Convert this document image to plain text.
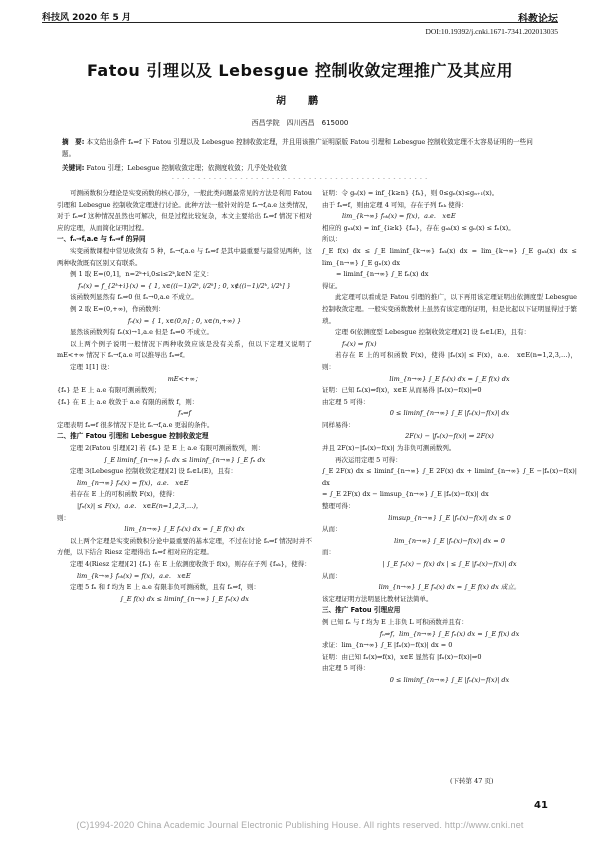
科技风 2020 年 5 月	科教论坛
DOI:10.19392/j.cnki.1671-7341.202013035
Fatou 引理以及 Lebesgue 控制收敛定理推广及其应用
胡　鹏
西昌学院　四川西昌　615000
摘　要: 本文给出条件 fₙ⇒f 下 Fatou 引理以及 Lebesgue 控制收敛定理，并且用该推广证明原版 Fatou 引理和 Lebesgue 控制收敛定理不太容易证明的一些问题。
关键词: Fatou 引理；Lebesgue 控制收敛定理；依测度收敛；几乎处处收敛
- - - - - - - - - - - - - - - - - - - - - - - - - - - - - - - - - - - - - - - - - - - - - - - - -

可测函数积分理论是实变函数的核心部分，一般此类问题最常见的方法是利用 Fatou 引理和 Lebesgue 控制收敛定理进行讨论。此种方法一般针对的是 fₙ→f,a.e 这类情况，对于 fₙ⇒f 这种情况虽然也可解决，但是过程比较复杂，本文主要给出 fₙ⇒f 情况下相对应的定理，从而简化证明过程。

一、fₙ→f,a.e 与 fₙ⇒f 的异同

实变函数课程中常见收敛有 5 种，fₙ→f,a.e 与 fₙ⇒f 是其中最重要与最常见两种，这两种收敛既有区别又有联系。

例 1 取 E=(0,1]，n=2ᵏ+i,0≤i≤2ᵏ,k∈N 定义：

fₙ(x) = f_{2ᵏ+i}(x) = { 1, x∈((i−1)/2ᵏ, i/2ᵏ] ; 0, x∉((i−1)/2ᵏ, i/2ᵏ] }

该函数列显然有 fₙ⇒0 但 fₙ→0,a.e 不成立。

例 2 取 E=(0,+∞)，作函数列：

fₙ(x) = { 1, x∈(0,n] ; 0, x∈(n,+∞) }

显然该函数列有 fₙ(x)→1,a.e 但是 fₙ⇒0 不成立。

以上两个例子说明一般情况下两种收敛应该是没有关系，但以下定理又说明了 mE<+∞ 情况下 fₙ→f,a.e 可以推导出 fₙ⇒f。

定理 1[1] 设：

mE<+∞；

{fₙ} 是 E 上 a.e 有限可测函数列；

{fₙ} 在 E 上 a.e 收敛于 a.e 有限的函数 f，则：

fₙ⇒f

定理表明 fₙ⇒f 很多情况下是比 fₙ→f,a.e 更弱的条件。

二、推广 Fatou 引理和 Lebesgue 控制收敛定理

定理 2(Fatou 引理)[2] 若 {fₙ} 是 E 上 a.e 有限可测函数列，则：

∫_E liminf_{n→∞} fₙ dx ≤ liminf_{n→∞} ∫_E fₙ dx

定理 3(Lebesgue 控制收敛定理)[2] 设 fₙ∈L(E)，且有：

lim_{n→∞} fₙ(x) = f(x)，a.e.　x∈E

若存在 E 上的可积函数 F(x)，使得：

|fₙ(x)| ≤ F(x)，a.e.　x∈E(n=1,2,3,…)，

则：

lim_{n→∞} ∫_E fₙ(x) dx = ∫_E f(x) dx

以上两个定理是实变函数积分论中最重要的基本定理，不过在讨论 fₙ⇒f 情况时并不方便，以下结合 Riesz 定理得出 fₙ⇒f 相对应的定理。

定理 4(Riesz 定理)[2] {fₙ} 在 E 上依测度收敛于 f(x)，则存在子列 {fₙₖ}，使得：

lim_{k→∞} fₙₖ(x) = f(x)，a.e.　x∈E

定理 5 fₙ 和 f 均为 E 上 a.e 有限非负可测函数，且有 fₙ⇒f，则：

∫_E f(x) dx ≤ liminf_{n→∞} ∫_E fₙ(x) dx

证明：令 gₙ(x) = inf_{k≥n} {fₖ}，则 0≤gₙ(x)≤gₙ₊₁(x)。

由于 fₙ⇒f，则由定理 4 可知，存在子列 fₙₖ 使得：

lim_{k→∞} fₙₖ(x) = f(x)，a.e.　x∈E

相应的 gₙₖ(x) = inf_{i≥k} {fₙᵢ}，存在 gₙₖ(x) ≤ gₙ(x) ≤ fₙ(x)。

所以：

∫_E f(x) dx ≤ ∫_E liminf_{k→∞} fₙₖ(x) dx = lim_{k→∞} ∫_E gₙₖ(x) dx ≤ lim_{n→∞} ∫_E gₙ(x) dx

= liminf_{n→∞} ∫_E fₙ(x) dx

得证。

此定理可以看成是 Fatou 引理的推广，以下再用该定理证明出依测度型 Lebesgue 控制收敛定理。一般实变函数教材上虽然有该定理的证明，但是比起以下证明显得过于繁琐。

定理 6(依测度型 Lebesgue 控制收敛定理)[2] 设 fₙ∈L(E)，且有：

fₙ(x) ⇒ f(x)

若存在 E 上的可积函数 F(x)，使得 |fₙ(x)| ≤ F(x)，a.e.　x∈E(n=1,2,3,…)，则：

lim_{n→∞} ∫_E fₙ(x) dx = ∫_E f(x) dx

证明：已知 fₙ(x)⇒f(x)，x∈E 从而易得 |fₙ(x)−f(x)|⇒0

由定理 5 可得：

0 ≤ liminf_{n→∞} ∫_E |fₙ(x)−f(x)| dx

同样易得：

2F(x) − |fₙ(x)−f(x)| ⇒ 2F(x)

并且 2F(x)−|fₙ(x)−f(x)| 为非负可测函数列。

再次运用定理 5 可得：

∫_E 2F(x) dx ≤ liminf_{n→∞} ∫_E 2F(x) dx + liminf_{n→∞} ∫_E −|fₙ(x)−f(x)| dx

= ∫_E 2F(x) dx − limsup_{n→∞} ∫_E |fₙ(x)−f(x)| dx

整理可得：

limsup_{n→∞} ∫_E |fₙ(x)−f(x)| dx ≤ 0

从而：

lim_{n→∞} ∫_E |fₙ(x)−f(x)| dx = 0

而：

| ∫_E fₙ(x) − f(x) dx | ≤ ∫_E |fₙ(x)−f(x)| dx

从而：

lim_{n→∞} ∫_E fₙ(x) dx = ∫_E f(x) dx 成立。

该定理证明方法明显比教材证法简单。

三、推广 Fatou 引理应用

例 已知 fₙ 与 f 均为 E 上非负 L 可积函数并且有：

fₙ⇒f，lim_{n→∞} ∫_E fₙ(x) dx = ∫_E f(x) dx

求证：lim_{n→∞} ∫_E |fₙ(x)−f(x)| dx = 0

证明：由已知 fₙ(x)⇒f(x)，x∈E 显然有 |fₙ(x)−f(x)|⇒0

由定理 5 可得：

0 ≤ liminf_{n→∞} ∫_E |fₙ(x)−f(x)| dx

(下转第 47 页)
41
(C)1994-2020 China Academic Journal Electronic Publishing House. All rights reserved. http://www.cnki.net
